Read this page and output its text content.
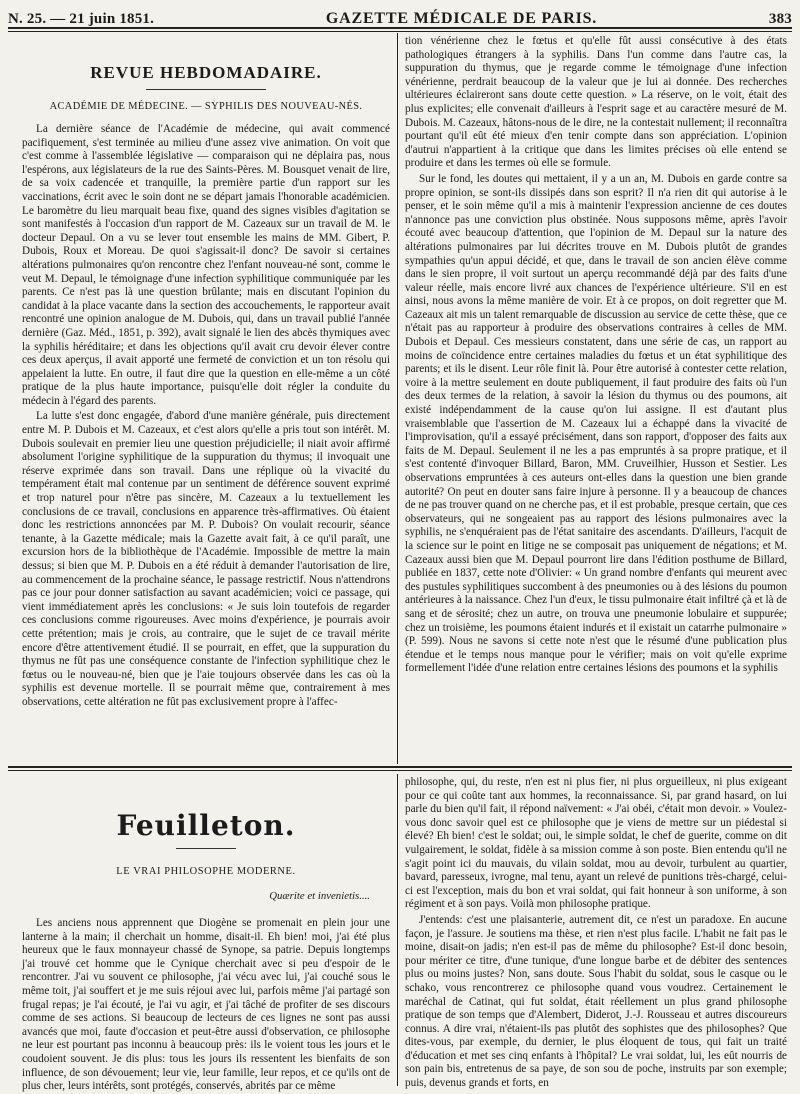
N. 25. — 21 juin 1851.	GAZETTE MÉDICALE DE PARIS.	383
REVUE HEBDOMADAIRE.
ACADÉMIE DE MÉDECINE. — SYPHILIS DES NOUVEAU-NÉS.

La dernière séance de l'Académie de médecine, qui avait commencé pacifiquement, s'est terminée au milieu d'une assez vive animation. On voit que c'est comme à l'assemblée législative — comparaison qui ne déplaira pas, nous l'espérons, aux législateurs de la rue des Saints-Pères. M. Bousquet venait de lire, de sa voix cadencée et tranquille, la première partie d'un rapport sur les vaccinations, écrit avec le soin dont ne se départ jamais l'honorable académicien. Le baromètre du lieu marquait beau fixe, quand des signes visibles d'agitation se sont manifestés à l'occasion d'un rapport de M. Cazeaux sur un travail de M. le docteur Depaul. On a vu se lever tout ensemble les mains de MM. Gibert, P. Dubois, Roux et Moreau. De quoi s'agissait-il donc? De savoir si certaines altérations pulmonaires qu'on rencontre chez l'enfant nouveau-né sont, comme le veut M. Depaul, le témoignage d'une infection syphilitique communiquée par les parents. Ce n'est pas là une question brûlante; mais en discutant l'opinion du candidat à la place vacante dans la section des accouchements, le rapporteur avait rencontré une opinion analogue de M. Dubois, qui, dans un travail publié l'année dernière (Gaz. Méd., 1851, p. 392), avait signalé le lien des abcès thymiques avec la syphilis héréditaire; et dans les objections qu'il avait cru devoir élever contre ces deux aperçus, il avait apporté une fermeté de conviction et un ton résolu qui appelaient la lutte. En outre, il faut dire que la question en elle-même a un côté pratique de la plus haute importance, puisqu'elle doit régler la conduite du médecin à l'égard des parents.

La lutte s'est donc engagée, d'abord d'une manière générale, puis directement entre M. P. Dubois et M. Cazeaux, et c'est alors qu'elle a pris tout son intérêt. M. Dubois soulevait en premier lieu une question préjudicielle; il niait avoir affirmé absolument l'origine syphilitique de la suppuration du thymus; il invoquait une réserve exprimée dans son travail. Dans une réplique où la vivacité du tempérament était mal contenue par un sentiment de déférence souvent exprimé et trop naturel pour n'être pas sincère, M. Cazeaux a lu textuellement les conclusions de ce travail, conclusions en apparence très-affirmatives. Où étaient donc les restrictions annoncées par M. P. Dubois? On voulait recourir, séance tenante, à la Gazette médicale; mais la Gazette avait fait, à ce qu'il paraît, une excursion hors de la bibliothèque de l'Académie. Impossible de mettre la main dessus; si bien que M. P. Dubois en a été réduit à demander l'autorisation de lire, au commencement de la prochaine séance, le passage restrictif. Nous n'attendrons pas ce jour pour donner satisfaction au savant académicien; voici ce passage, qui vient immédiatement après les conclusions: « Je suis loin toutefois de regarder ces conclusions comme rigoureuses. Avec moins d'expérience, je pourrais avoir cette prétention; mais je crois, au contraire, que le sujet de ce travail mérite encore d'être attentivement étudié. Il se pourrait, en effet, que la suppuration du thymus ne fût pas une conséquence constante de l'infection syphilitique chez le fœtus ou le nouveau-né, bien que je l'aie toujours observée dans les cas où la syphilis est devenue mortelle. Il se pourrait même que, contrairement à mes observations, cette altération ne fût pas exclusivement propre à l'affec-

tion vénérienne chez le fœtus et qu'elle fût aussi consécutive à des états pathologiques étrangers à la syphilis. Dans l'un comme dans l'autre cas, la suppuration du thymus, que je regarde comme le témoignage d'une infection vénérienne, perdrait beaucoup de la valeur que je lui ai donnée. Des recherches ultérieures éclaireront sans doute cette question. » La réserve, on le voit, était des plus explicites; elle convenait d'ailleurs à l'esprit sage et au caractère mesuré de M. Dubois. M. Cazeaux, hâtons-nous de le dire, ne la contestait nullement; il reconnaîtra pourtant qu'il eût été mieux d'en tenir compte dans son appréciation. L'opinion d'autrui n'appartient à la critique que dans les limites précises où elle entend se produire et dans les termes où elle se formule.

Sur le fond, les doutes qui mettaient, il y a un an, M. Dubois en garde contre sa propre opinion, se sont-ils dissipés dans son esprit? Il n'a rien dit qui autorise à le penser, et le soin même qu'il a mis à maintenir l'expression ancienne de ces doutes n'annonce pas une conviction plus obstinée. Nous supposons même, après l'avoir écouté avec beaucoup d'attention, que l'opinion de M. Depaul sur la nature des altérations pulmonaires par lui décrites trouve en M. Dubois plutôt de grandes sympathies qu'un appui décidé, et que, dans le travail de son ancien élève comme dans le sien propre, il voit surtout un aperçu recommandé déjà par des faits d'une valeur réelle, mais encore livré aux chances de l'expérience ultérieure. S'il en est ainsi, nous avons la même manière de voir. Et à ce propos, on doit regretter que M. Cazeaux ait mis un talent remarquable de discussion au service de cette thèse, que ce n'était pas au rapporteur à produire des observations contraires à celles de MM. Dubois et Depaul. Ces messieurs constatent, dans une série de cas, un rapport au moins de coïncidence entre certaines maladies du fœtus et un état syphilitique des parents; et ils le disent. Leur rôle finit là. Pour être autorisé à contester cette relation, voire à la mettre seulement en doute publiquement, il faut produire des faits où l'un des deux termes de la relation, à savoir la lésion du thymus ou des poumons, ait existé indépendamment de la cause qu'on lui assigne. Il est d'autant plus vraisemblable que l'assertion de M. Cazeaux lui a échappé dans la vivacité de l'improvisation, qu'il a essayé précisément, dans son rapport, d'opposer des faits aux faits de M. Depaul. Seulement il ne les a pas empruntés à sa propre pratique, et il s'est contenté d'invoquer Billard, Baron, MM. Cruveilhier, Husson et Sestier. Les observations empruntées à ces auteurs ont-elles dans la question une bien grande autorité? On peut en douter sans faire injure à personne. Il y a beaucoup de chances de ne pas trouver quand on ne cherche pas, et il est probable, presque certain, que ces observateurs, qui ne songeaient pas au rapport des lésions pulmonaires avec la syphilis, ne s'enquéraient pas de l'état sanitaire des ascendants. D'ailleurs, l'acquit de la science sur le point en litige ne se composait pas uniquement de négations; et M. Cazeaux aussi bien que M. Depaul pourront lire dans l'édition posthume de Billard, publiée en 1837, cette note d'Olivier: « Un grand nombre d'enfants qui meurent avec des pustules syphilitiques succombent à des pneumonies ou à des lésions du poumon antérieures à la naissance. Chez l'un d'eux, le tissu pulmonaire était infiltré çà et là de sang et de sérosité; chez un autre, on trouva une pneumonie lobulaire et suppurée; chez un troisième, les poumons étaient indurés et il existait un catarrhe pulmonaire » (P. 599). Nous ne savons si cette note n'est que le résumé d'une publication plus étendue et le temps nous manque pour le vérifier; mais on voit qu'elle exprime formellement l'idée d'une relation entre certaines lésions des poumons et la syphilis

Feuilleton.
LE VRAI PHILOSOPHE MODERNE.
Quærite et invenietis....

Les anciens nous apprennent que Diogène se promenait en plein jour une lanterne à la main; il cherchait un homme, disait-il. Eh bien! moi, j'ai été plus heureux que le faux monnayeur chassé de Synope, sa patrie. Depuis longtemps j'ai trouvé cet homme que le Cynique cherchait avec si peu d'espoir de le rencontrer. J'ai vu souvent ce philosophe, j'ai vécu avec lui, j'ai couché sous le même toit, j'ai souffert et je me suis réjoui avec lui, parfois même j'ai partagé son frugal repas; je l'ai écouté, je l'ai vu agir, et j'ai tâché de profiter de ses discours comme de ses actions. Si beaucoup de lecteurs de ces lignes ne sont pas aussi avancés que moi, faute d'occasion et peut-être aussi d'observation, ce philosophe ne leur est pourtant pas inconnu à beaucoup près: ils le voient tous les jours et le coudoient souvent. Je dis plus: tous les jours ils ressentent les bienfaits de son influence, de son dévouement; leur vie, leur famille, leur repos, et ce qu'ils ont de plus cher, leurs intérêts, sont protégés, conservés, abrités par ce même

philosophe, qui, du reste, n'en est ni plus fier, ni plus orgueilleux, ni plus exigeant pour ce qui coûte tant aux hommes, la reconnaissance. Si, par grand hasard, on lui parle du bien qu'il fait, il répond naïvement: « J'ai obéi, c'était mon devoir. » Voulez-vous donc savoir quel est ce philosophe que je viens de mettre sur un piédestal si élevé? Eh bien! c'est le soldat; oui, le simple soldat, le chef de guerite, comme on dit vulgairement, le soldat, fidèle à sa mission comme à son poste. Bien entendu qu'il ne s'agit point ici du mauvais, du vilain soldat, mou au devoir, turbulent au quartier, bavard, paresseux, ivrogne, mal tenu, ayant un relevé de punitions très-chargé, celui-ci est l'exception, mais du bon et vrai soldat, qui fait honneur à son uniforme, à son régiment et à son pays. Voilà mon philosophe pratique.

J'entends: c'est une plaisanterie, autrement dit, ce n'est un paradoxe. En aucune façon, je l'assure. Je soutiens ma thèse, et rien n'est plus facile. L'habit ne fait pas le moine, disait-on jadis; n'en est-il pas de même du philosophe? Est-il donc besoin, pour mériter ce titre, d'une tunique, d'une longue barbe et de débiter des sentences plus ou moins justes? Non, sans doute. Sous l'habit du soldat, sous le casque ou le schako, vous rencontrerez ce philosophe quand vous voudrez. Certainement le maréchal de Catinat, qui fut soldat, était réellement un plus grand philosophe pratique de son temps que d'Alembert, Diderot, J.-J. Rousseau et autres discoureurs connus. A dire vrai, n'étaient-ils pas plutôt des sophistes que des philosophes? Que dites-vous, par exemple, du dernier, le plus éloquent de tous, qui fait un traité d'éducation et met ses cinq enfants à l'hôpital? Le vrai soldat, lui, les eût nourris de son pain bis, entretenus de sa paye, de son sou de poche, instruits par son exemple; puis, devenus grands et forts, en
